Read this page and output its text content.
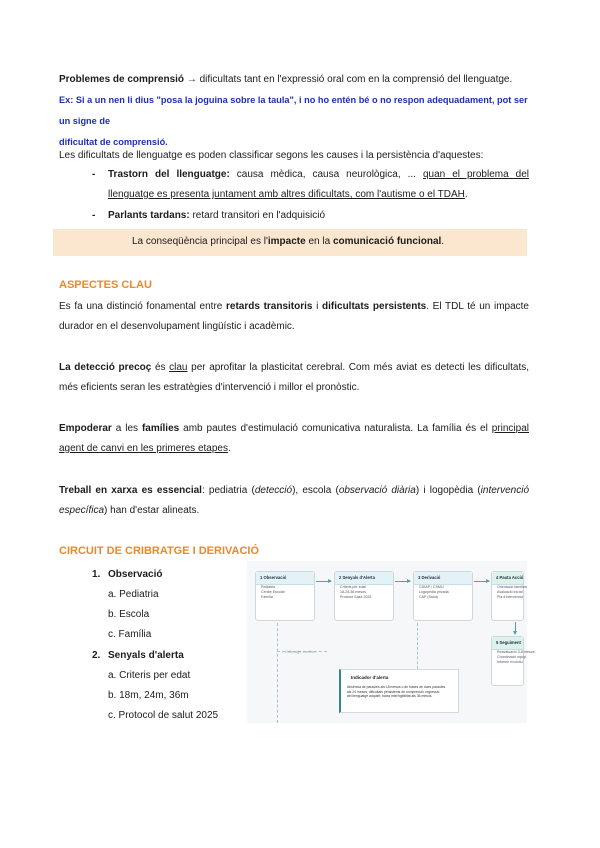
Problemes de comprensió → dificultats tant en l'expressió oral com en la comprensió del llenguatge. Ex: Si a un nen li dius "posa la joguina sobre la taula", i no ho entén bé o no respon adequadament, pot ser un signe de
dificultat de comprensió.
Les dificultats de llenguatge es poden classificar segons les causes i la persistència d'aquestes:
- Trastorn del llenguatge: causa mèdica, causa neurològica, ... quan el problema del llenguatge es presenta juntament amb altres dificultats, com l'autisme o el TDAH.
- Parlants tardans: retard transitori en l'adquisició
La conseqüència principal es l'impacte en la comunicació funcional.
ASPECTES CLAU
Es fa una distinció fonamental entre retards transitoris i dificultats persistents. El TDL té un impacte durador en el desenvolupament lingüístic i acadèmic.
La detecció precoç és clau per aprofitar la plasticitat cerebral. Com més aviat es detecti les dificultats, més eficients seran les estratègies d'intervenció i millor el pronòstic.
Empoderar a les famílies amb pautes d'estimulació comunicativa naturalista. La família és el principal agent de canvi en les primeres etapes.
Treball en xarxa es essencial: pediatria (detecció), escola (observació diària) i logopèdia (intervenció específica) han d'estar alineats.
CIRCUIT DE CRIBRATGE I DERIVACIÓ
1. Observació
a. Pediatria
b. Escola
c. Família
2. Senyals d'alerta
a. Criteris per edat
b. 18m, 24m, 36m
c. Protocol de salut 2025
1 Observació
Pediatria
Centre Escolar
Família
2 Senyals d'Alerta
Criteris per edat
18-24-36 mesos
Protocol Salut 2025
3 Derivació
CDIAP / CSMIJ
Logopèdia privada
CAP (Salut)
4 Pauta Acció
Orientació famílies
Avaluació inicial
Pla d'intervenció
5 Seguiment
Reavaluació 3-6 mesos
Coordinació equip
Informe evolutiu
Cribratge continu
Indicador d'alerta
Absència de paraules als 18 mesos o de frases de dues paraules
als 24 mesos; dificultats persistents de comprensió; regressió
del llenguatge adquirit; baixa intel·ligibilitat als 36 mesos.
